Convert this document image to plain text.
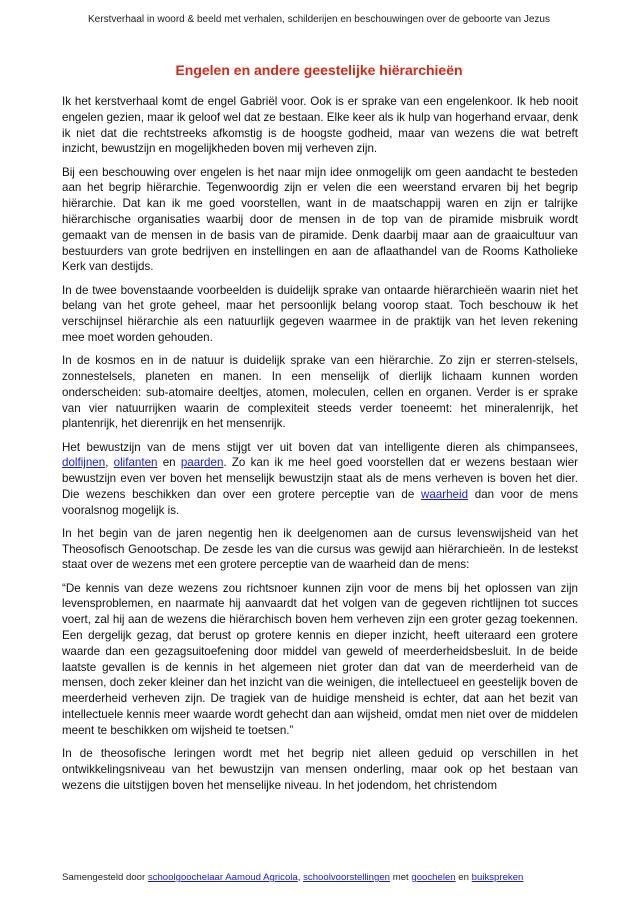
Kerstverhaal in woord & beeld met verhalen, schilderijen en beschouwingen over de geboorte van Jezus
Engelen en andere geestelijke hiërarchieën

Ik het kerstverhaal komt de engel Gabriël voor. Ook is er sprake van een engelenkoor. Ik heb nooit engelen gezien, maar ik geloof wel dat ze bestaan. Elke keer als ik hulp van hogerhand ervaar, denk ik niet dat die rechtstreeks afkomstig is de hoogste godheid, maar van wezens die wat betreft inzicht, bewustzijn en mogelijkheden boven mij verheven zijn.

Bij een beschouwing over engelen is het naar mijn idee onmogelijk om geen aandacht te besteden aan het begrip hiërarchie. Tegenwoordig zijn er velen die een weerstand ervaren bij het begrip hiërarchie. Dat kan ik me goed voorstellen, want in de maatschappij waren en zijn er talrijke hiërarchische organisaties waarbij door de mensen in de top van de piramide misbruik wordt gemaakt van de mensen in de basis van de piramide. Denk daarbij maar aan de graaicultuur van bestuurders van grote bedrijven en instellingen en aan de aflaathandel van de Rooms Katholieke Kerk van destijds.

In de twee bovenstaande voorbeelden is duidelijk sprake van ontaarde hiërarchieën waarin niet het belang van het grote geheel, maar het persoonlijk belang voorop staat. Toch beschouw ik het verschijnsel hiërarchie als een natuurlijk gegeven waarmee in de praktijk van het leven rekening mee moet worden gehouden.

In de kosmos en in de natuur is duidelijk sprake van een hiërarchie. Zo zijn er sterren-stelsels, zonnestelsels, planeten en manen. In een menselijk of dierlijk lichaam kunnen worden onderscheiden: sub-atomaire deeltjes, atomen, moleculen, cellen en organen. Verder is er sprake van vier natuurrijken waarin de complexiteit steeds verder toeneemt: het mineralenrijk, het plantenrijk, het dierenrijk en het mensenrijk.

Het bewustzijn van de mens stijgt ver uit boven dat van intelligente dieren als chimpansees, dolfijnen, olifanten en paarden. Zo kan ik me heel goed voorstellen dat er wezens bestaan wier bewustzijn even ver boven het menselijk bewustzijn staat als de mens verheven is boven het dier. Die wezens beschikken dan over een grotere perceptie van de waarheid dan voor de mens vooralsnog mogelijk is.

In het begin van de jaren negentig hen ik deelgenomen aan de cursus levenswijsheid van het Theosofisch Genootschap. De zesde les van die cursus was gewijd aan hiërarchieën. In de lestekst staat over de wezens met een grotere perceptie van de waarheid dan de mens:

“De kennis van deze wezens zou richtsnoer kunnen zijn voor de mens bij het oplossen van zijn levensproblemen, en naarmate hij aanvaardt dat het volgen van de gegeven richtlijnen tot succes voert, zal hij aan de wezens die hiërarchisch boven hem verheven zijn een groter gezag toekennen. Een dergelijk gezag, dat berust op grotere kennis en dieper inzicht, heeft uiteraard een grotere waarde dan een gezagsuitoefening door middel van geweld of meerderheidsbesluit. In de beide laatste gevallen is de kennis in het algemeen niet groter dan dat van de meerderheid van de mensen, doch zeker kleiner dan het inzicht van die weinigen, die intellectueel en geestelijk boven de meerderheid verheven zijn. De tragiek van de huidige mensheid is echter, dat aan het bezit van intellectuele kennis meer waarde wordt gehecht dan aan wijsheid, omdat men niet over de middelen meent te beschikken om wijsheid te toetsen.”

In de theosofische leringen wordt met het begrip niet alleen geduid op verschillen in het ontwikkelingsniveau van het bewustzijn van mensen onderling, maar ook op het bestaan van wezens die uitstijgen boven het menselijke niveau. In het jodendom, het christendom

Samengesteld door schoolgoochelaar Aamoud Agricola, schoolvoorstellingen met goochelen en buikspreken
